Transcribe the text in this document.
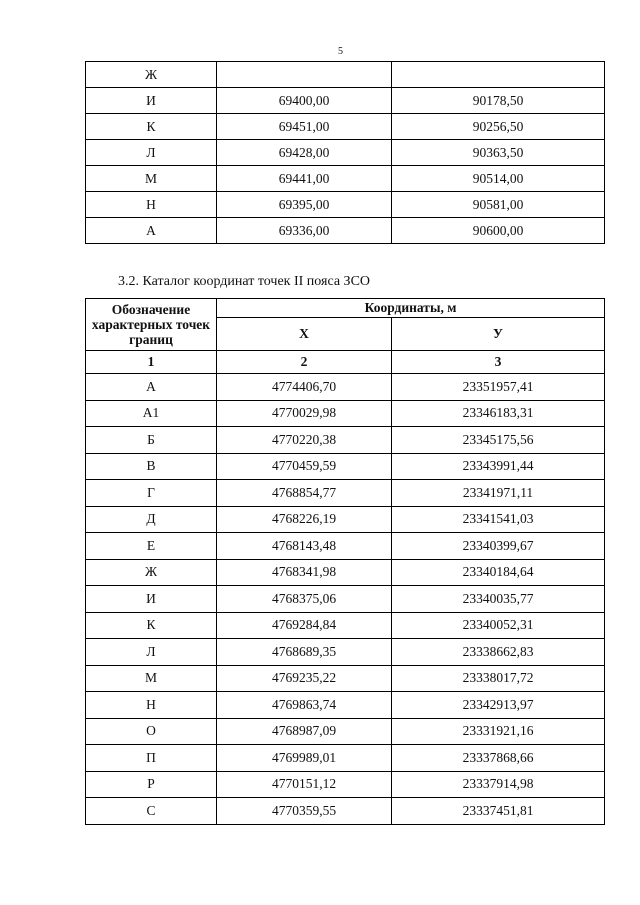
5
Ж		
И	69400,00	90178,50
К	69451,00	90256,50
Л	69428,00	90363,50
М	69441,00	90514,00
Н	69395,00	90581,00
А	69336,00	90600,00
3.2. Каталог координат точек II пояса ЗСО
Обозначение характерных точек границ	Координаты, м	
	Х	У
1	2	3
А	4774406,70	23351957,41
А1	4770029,98	23346183,31
Б	4770220,38	23345175,56
В	4770459,59	23343991,44
Г	4768854,77	23341971,11
Д	4768226,19	23341541,03
Е	4768143,48	23340399,67
Ж	4768341,98	23340184,64
И	4768375,06	23340035,77
К	4769284,84	23340052,31
Л	4768689,35	23338662,83
М	4769235,22	23338017,72
Н	4769863,74	23342913,97
О	4768987,09	23331921,16
П	4769989,01	23337868,66
Р	4770151,12	23337914,98
С	4770359,55	23337451,81
